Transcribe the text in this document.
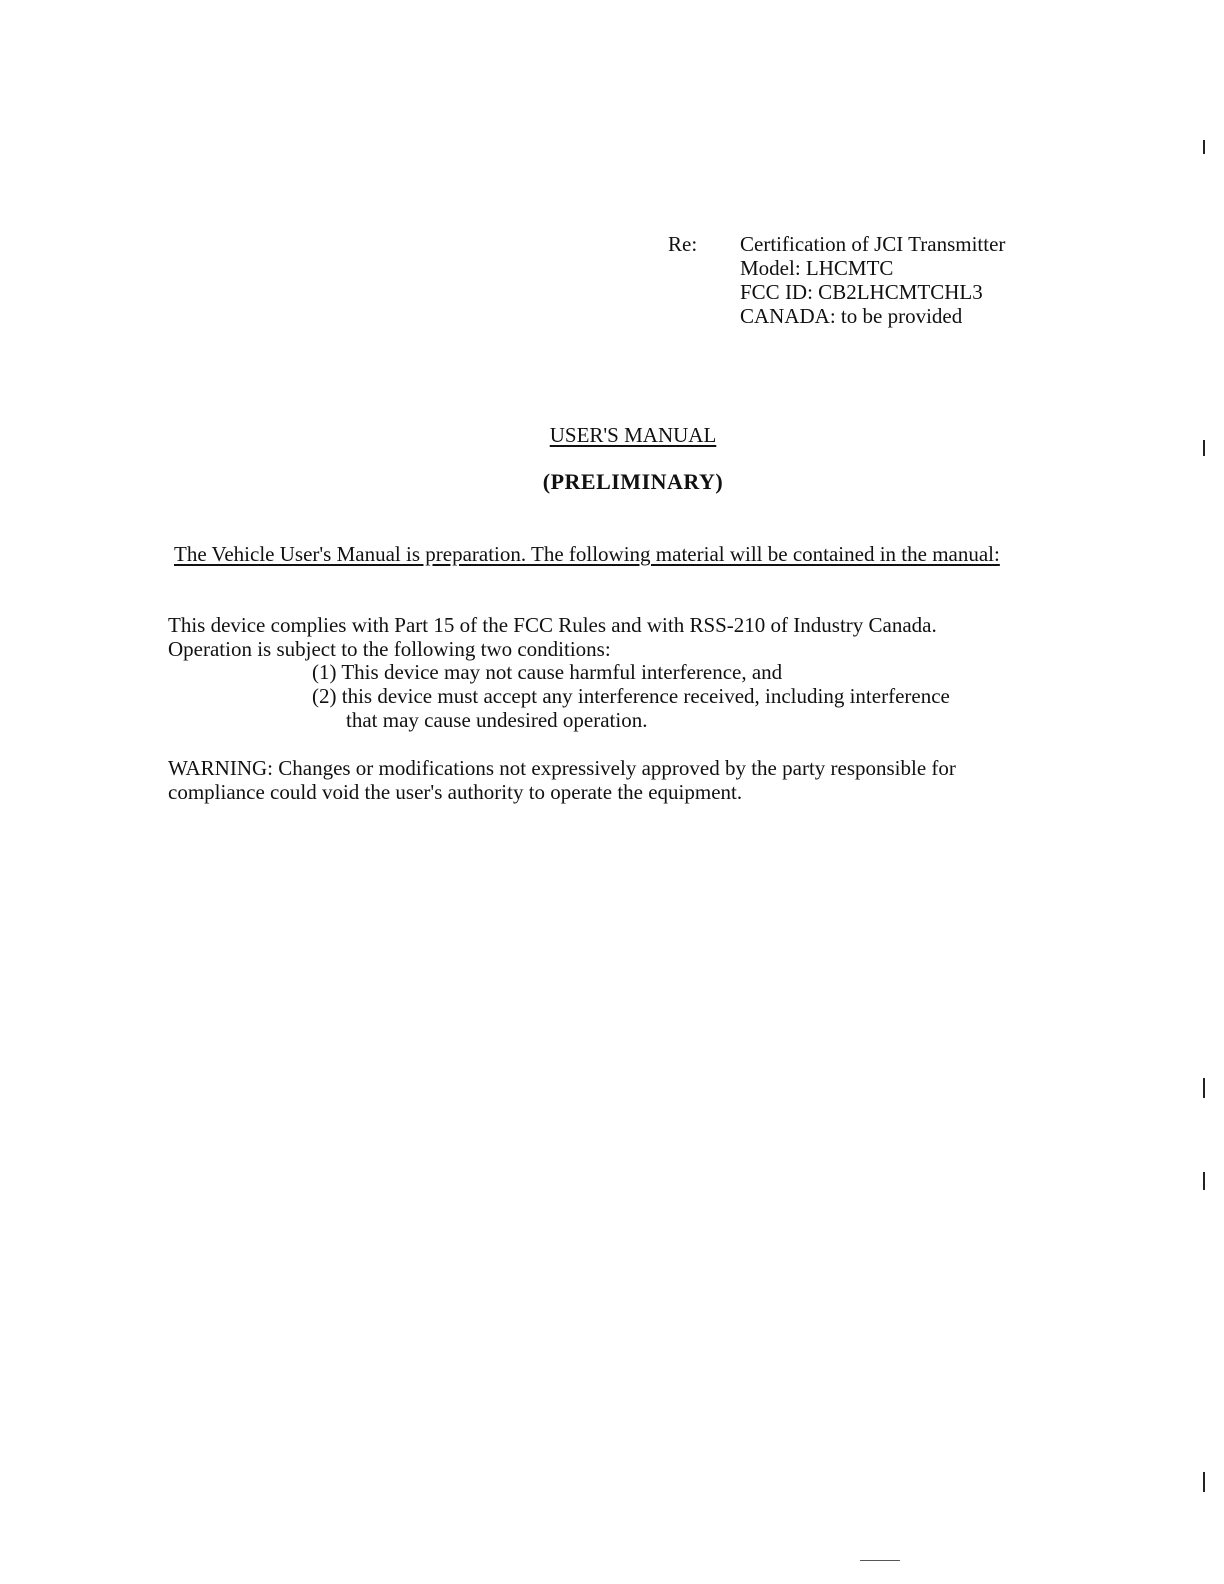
Re: Certification of JCI Transmitter
Model: LHCMTC
FCC ID: CB2LHCMTCHL3
CANADA: to be provided
USER'S MANUAL
(PRELIMINARY)
The Vehicle User's Manual is preparation. The following material will be contained in the manual:
This device complies with Part 15 of the FCC Rules and with RSS-210 of Industry Canada.
Operation is subject to the following two conditions:
(1) This device may not cause harmful interference, and
(2) this device must accept any interference received, including interference
that may cause undesired operation.
WARNING: Changes or modifications not expressively approved by the party responsible for
compliance could void the user's authority to operate the equipment.
